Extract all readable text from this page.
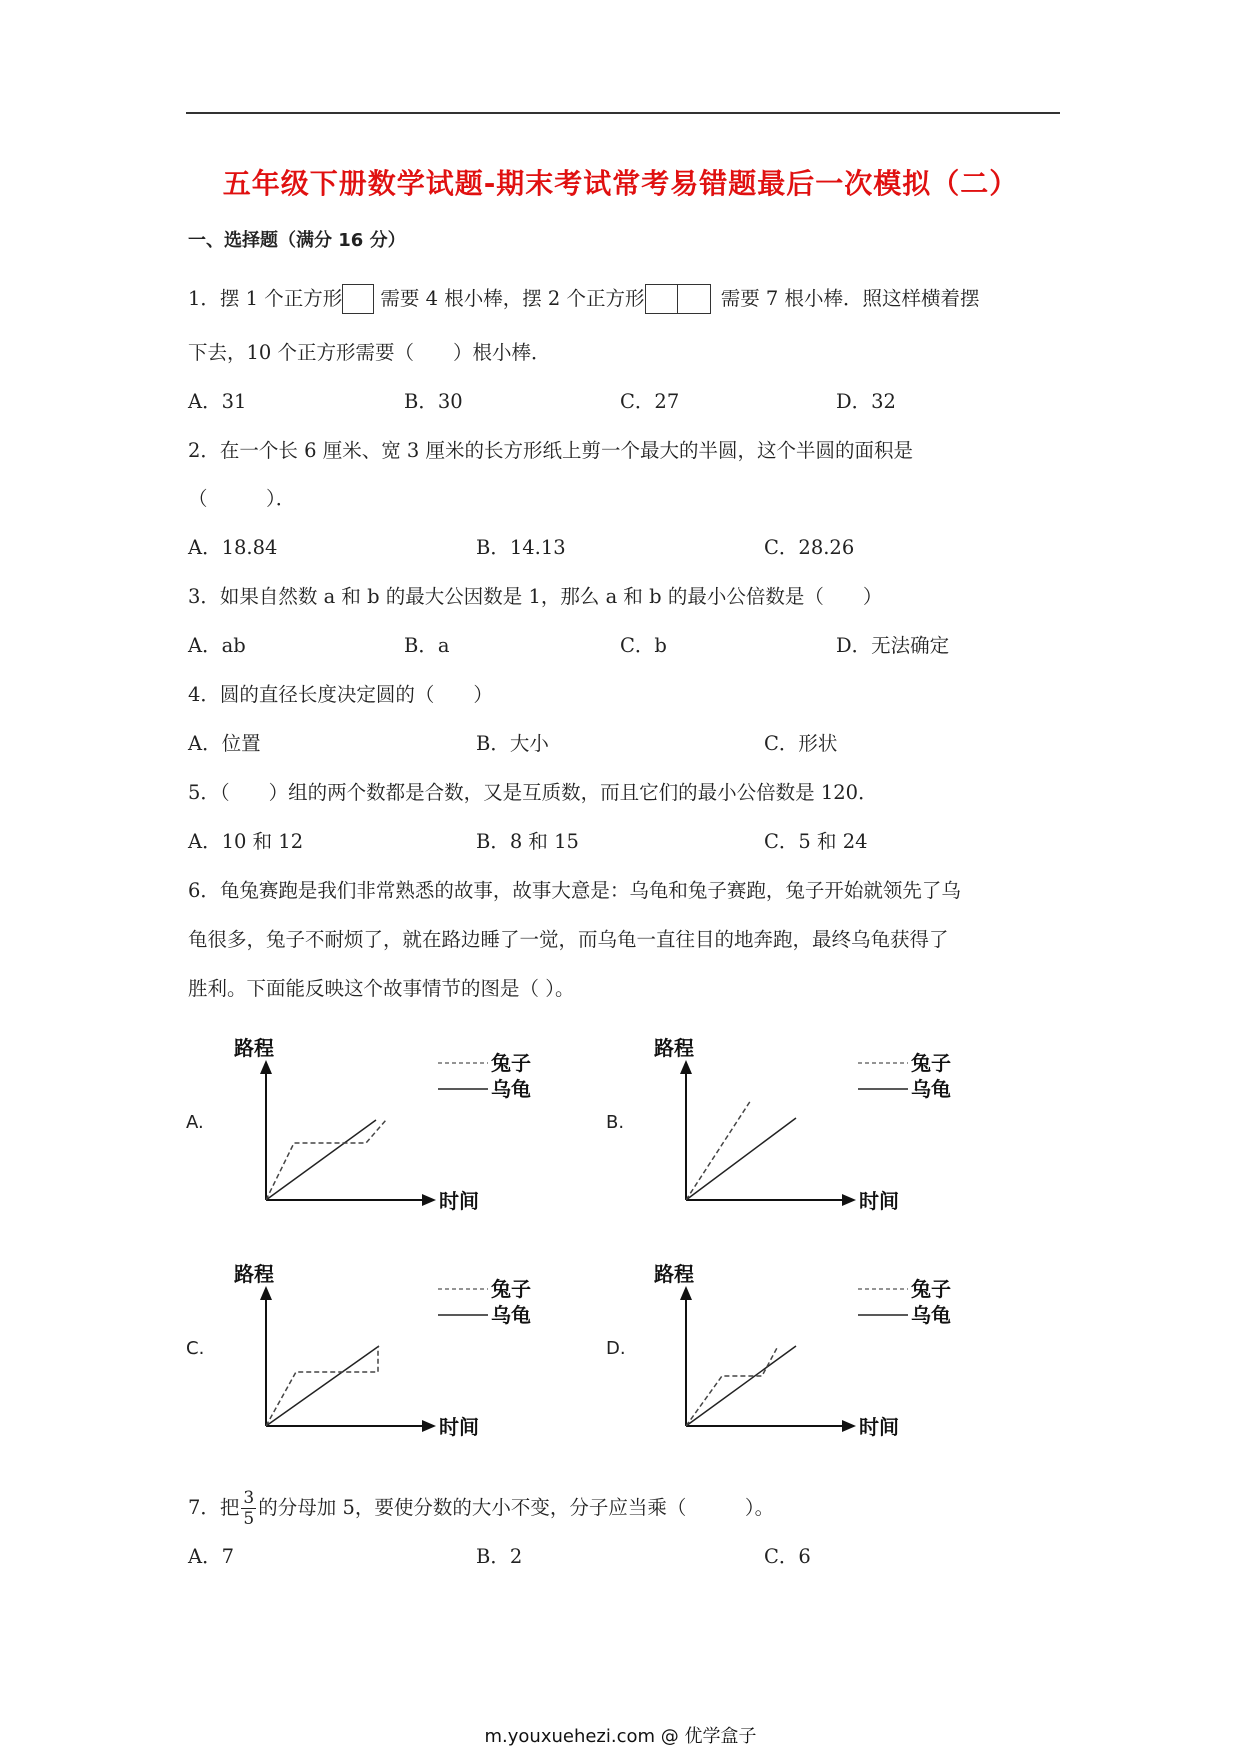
五年级下册数学试题-期末考试常考易错题最后一次模拟（二）
一、选择题（满分 16 分）
1．摆 1 个正方形 需要 4 根小棒，摆 2 个正方形	需要 7 根小棒．照这样横着摆
下去，10 个正方形需要（　　）根小棒．
A．31	B．30	C．27	D．32
2．在一个长 6 厘米、宽 3 厘米的长方形纸上剪一个最大的半圆，这个半圆的面积是
（　　　）．
A．18.84	B．14.13	C．28.26
3．如果自然数 a 和 b 的最大公因数是 1，那么 a 和 b 的最小公倍数是（　　）
A．ab	B．a	C．b	D．无法确定
4．圆的直径长度决定圆的（　　）
A．位置	B．大小	C．形状
5．（　　）组的两个数都是合数，又是互质数，而且它们的最小公倍数是 120．
A．10 和 12	B．8 和 15	C．5 和 24
6．龟兔赛跑是我们非常熟悉的故事，故事大意是：乌龟和兔子赛跑，兔子开始就领先了乌
龟很多，兔子不耐烦了，就在路边睡了一觉，而乌龟一直往目的地奔跑，最终乌龟获得了
胜利。下面能反映这个故事情节的图是（ ）。
A.
路程
时间
兔子
乌龟
B.
路程
时间
兔子
乌龟
C.
路程
时间
兔子
乌龟
D.
路程
时间
兔子
乌龟
7．把 $\frac{3}{5}$ 的分母加 5，要使分数的大小不变，分子应当乘（　　　）。
A．7	B．2	C．6
m.youxuehezi.com @ 优学盒子
